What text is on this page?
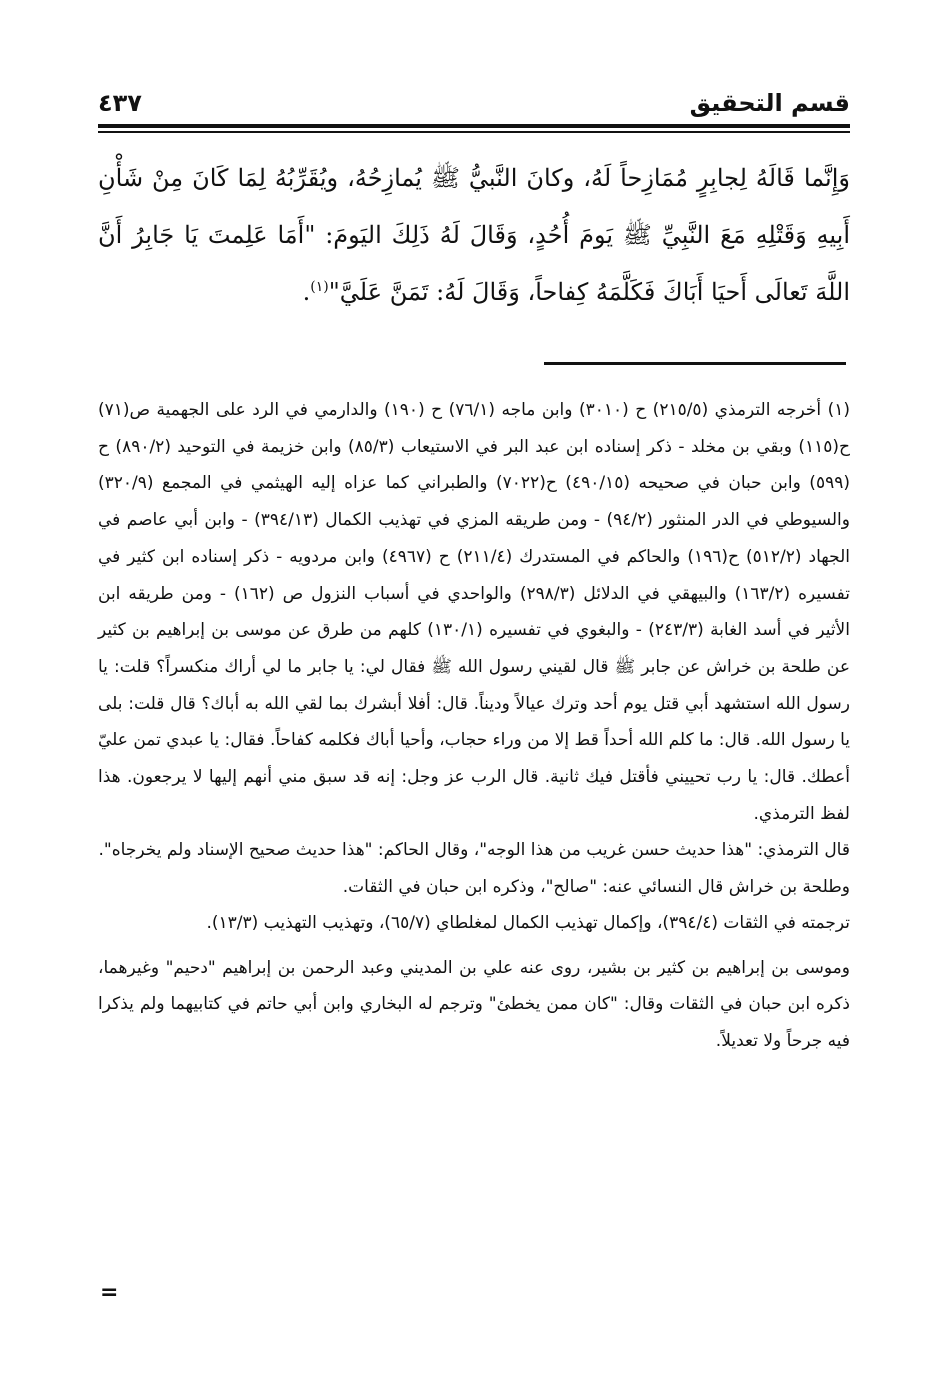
قسم التحقيق
٤٣٧
وَإِنَّما قَالَهُ لِجابِرٍ مُمَازِحاً لَهُ، وكانَ النَّبيُّ ﷺ يُمازِحُهُ، ويُقَرِّبُهُ لِمَا كَانَ مِنْ شَأْنِ أَبِيهِ وَقَتْلِهِ مَعَ النَّبِيِّ ﷺ يَومَ أُحُدٍ، وَقَالَ لَهُ ذَلِكَ اليَومَ: "أَمَا عَلِمتَ يَا جَابِرُ أَنَّ اللَّهَ تَعالَى أَحيَا أَبَاكَ فَكَلَّمَهُ كِفاحاً، وَقَالَ لَهُ: تَمَنَّ عَلَيَّ"$^{(١)}$.

(١) أخرجه الترمذي (٢١٥/٥) ح (٣٠١٠) وابن ماجه (٧٦/١) ح (١٩٠) والدارمي في الرد على الجهمية ص(٧١) ح(١١٥) وبقي بن مخلد - ذكر إسناده ابن عبد البر في الاستيعاب (٨٥/٣) وابن خزيمة في التوحيد (٨٩٠/٢) ح (٥٩٩) وابن حبان في صحيحه (٤٩٠/١٥) ح(٧٠٢٢) والطبراني كما عزاه إليه الهيثمي في المجمع (٣٢٠/٩) والسيوطي في الدر المنثور (٩٤/٢) - ومن طريقه المزي في تهذيب الكمال (٣٩٤/١٣) - وابن أبي عاصم في الجهاد (٥١٢/٢) ح(١٩٦) والحاكم في المستدرك (٢١١/٤) ح (٤٩٦٧) وابن مردويه - ذكر إسناده ابن كثير في تفسيره (١٦٣/٢) والبيهقي في الدلائل (٢٩٨/٣) والواحدي في أسباب النزول ص (١٦٢) - ومن طريقه ابن الأثير في أسد الغابة (٢٤٣/٣) - والبغوي في تفسيره (١٣٠/١) كلهم من طرق عن موسى بن إبراهيم بن كثير عن طلحة بن خراش عن جابر ﷺ قال لقيني رسول الله ﷺ فقال لي: يا جابر ما لي أراك منكسراً؟ قلت: يا رسول الله استشهد أبي قتل يوم أحد وترك عيالاً وديناً. قال: أفلا أبشرك بما لقي الله به أباك؟ قال قلت: بلى يا رسول الله. قال: ما كلم الله أحداً قط إلا من وراء حجاب، وأحيا أباك فكلمه كفاحاً. فقال: يا عبدي تمن عليّ أعطك. قال: يا رب تحييني فأقتل فيك ثانية. قال الرب عز وجل: إنه قد سبق مني أنهم إليها لا يرجعون. هذا لفظ الترمذي.

قال الترمذي: "هذا حديث حسن غريب من هذا الوجه"، وقال الحاكم: "هذا حديث صحيح الإسناد ولم يخرجاه".

وطلحة بن خراش قال النسائي عنه: "صالح"، وذكره ابن حبان في الثقات.

ترجمته في الثقات (٣٩٤/٤)، وإكمال تهذيب الكمال لمغلطاي (٦٥/٧)، وتهذيب التهذيب (١٣/٣).

وموسى بن إبراهيم بن كثير بن بشير، روى عنه علي بن المديني وعبد الرحمن بن إبراهيم "دحيم" وغيرهما، ذكره ابن حبان في الثقات وقال: "كان ممن يخطئ" وترجم له البخاري وابن أبي حاتم في كتابيهما ولم يذكرا فيه جرحاً ولا تعديلاً.

=
